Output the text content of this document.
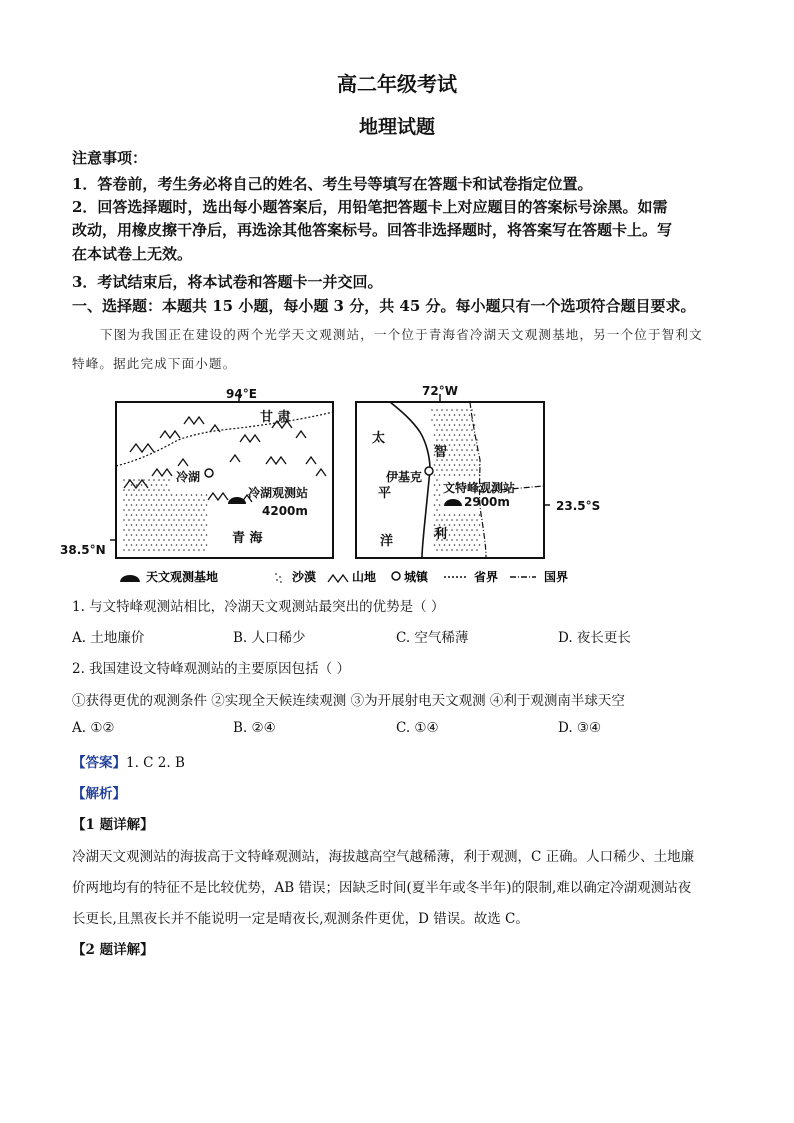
高二年级考试
地理试题
注意事项：
1．答卷前，考生务必将自己的姓名、考生号等填写在答题卡和试卷指定位置。
2．回答选择题时，选出每小题答案后，用铅笔把答题卡上对应题目的答案标号涂黑。如需
改动，用橡皮擦干净后，再选涂其他答案标号。回答非选择题时，将答案写在答题卡上。写
在本试卷上无效。
3．考试结束后，将本试卷和答题卡一并交回。
一、选择题：本题共 15 小题，每小题 3 分，共 45 分。每小题只有一个选项符合题目要求。
下图为我国正在建设的两个光学天文观测站，一个位于青海省冷湖天文观测基地，另一个位于智利文
特峰。据此完成下面小题。
94°E
38.5°N
甘 肃
冷湖
冷湖观测站
4200m
青 海
72°W
23.5°S
太
平
洋
智
利
伊基克
文特峰观测站
2900m
天文观测基地	沙漠	山地 城镇	省界	国界
1. 与文特峰观测站相比，冷湖天文观测站最突出的优势是（ ）
A. 土地廉价	B. 人口稀少	C. 空气稀薄	D. 夜长更长
2. 我国建设文特峰观测站的主要原因包括（ ）
①获得更优的观测条件 ②实现全天候连续观测 ③为开展射电天文观测 ④利于观测南半球天空
A. ①②	B. ②④	C. ①④	D. ③④
【答案】1. C 2. B
【解析】
【1 题详解】
冷湖天文观测站的海拔高于文特峰观测站，海拔越高空气越稀薄，利于观测，C 正确。人口稀少、土地廉
价两地均有的特征不是比较优势，AB 错误；因缺乏时间(夏半年或冬半年)的限制,难以确定冷湖观测站夜
长更长,且黑夜长并不能说明一定是晴夜长,观测条件更优，D 错误。故选 C。
【2 题详解】
